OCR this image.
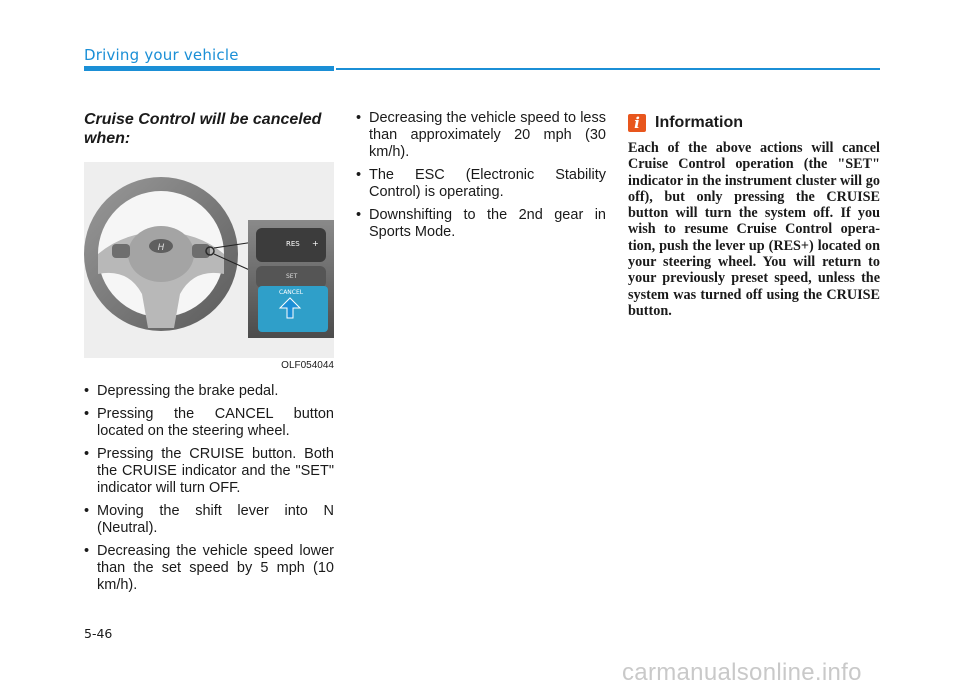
Driving your vehicle

Cruise Control will be canceled when:

H	RES +
SET
CANCEL
OLF054044
• Depressing the brake pedal.
• Pressing the CANCEL button located on the steering wheel.
• Pressing the CRUISE button. Both the CRUISE indicator and the "SET" indicator will turn OFF.
• Moving the shift lever into N (Neutral).
• Decreasing the vehicle speed lower than the set speed by 5 mph (10 km/h).
• Decreasing the vehicle speed to less than approximately 20 mph (30 km/h).
• The ESC (Electronic Stability Control) is operating.
• Downshifting to the 2nd gear in Sports Mode.
i Information

Each of the above actions will cancel Cruise Control operation (the "SET" indicator in the instrument cluster will go off), but only pressing the CRUISE button will turn the system off. If you wish to resume Cruise Control opera-tion, push the lever up (RES+) located on your steering wheel. You will return to your previously preset speed, unless the system was turned off using the CRUISE button.

5-46
carmanualsonline.info
